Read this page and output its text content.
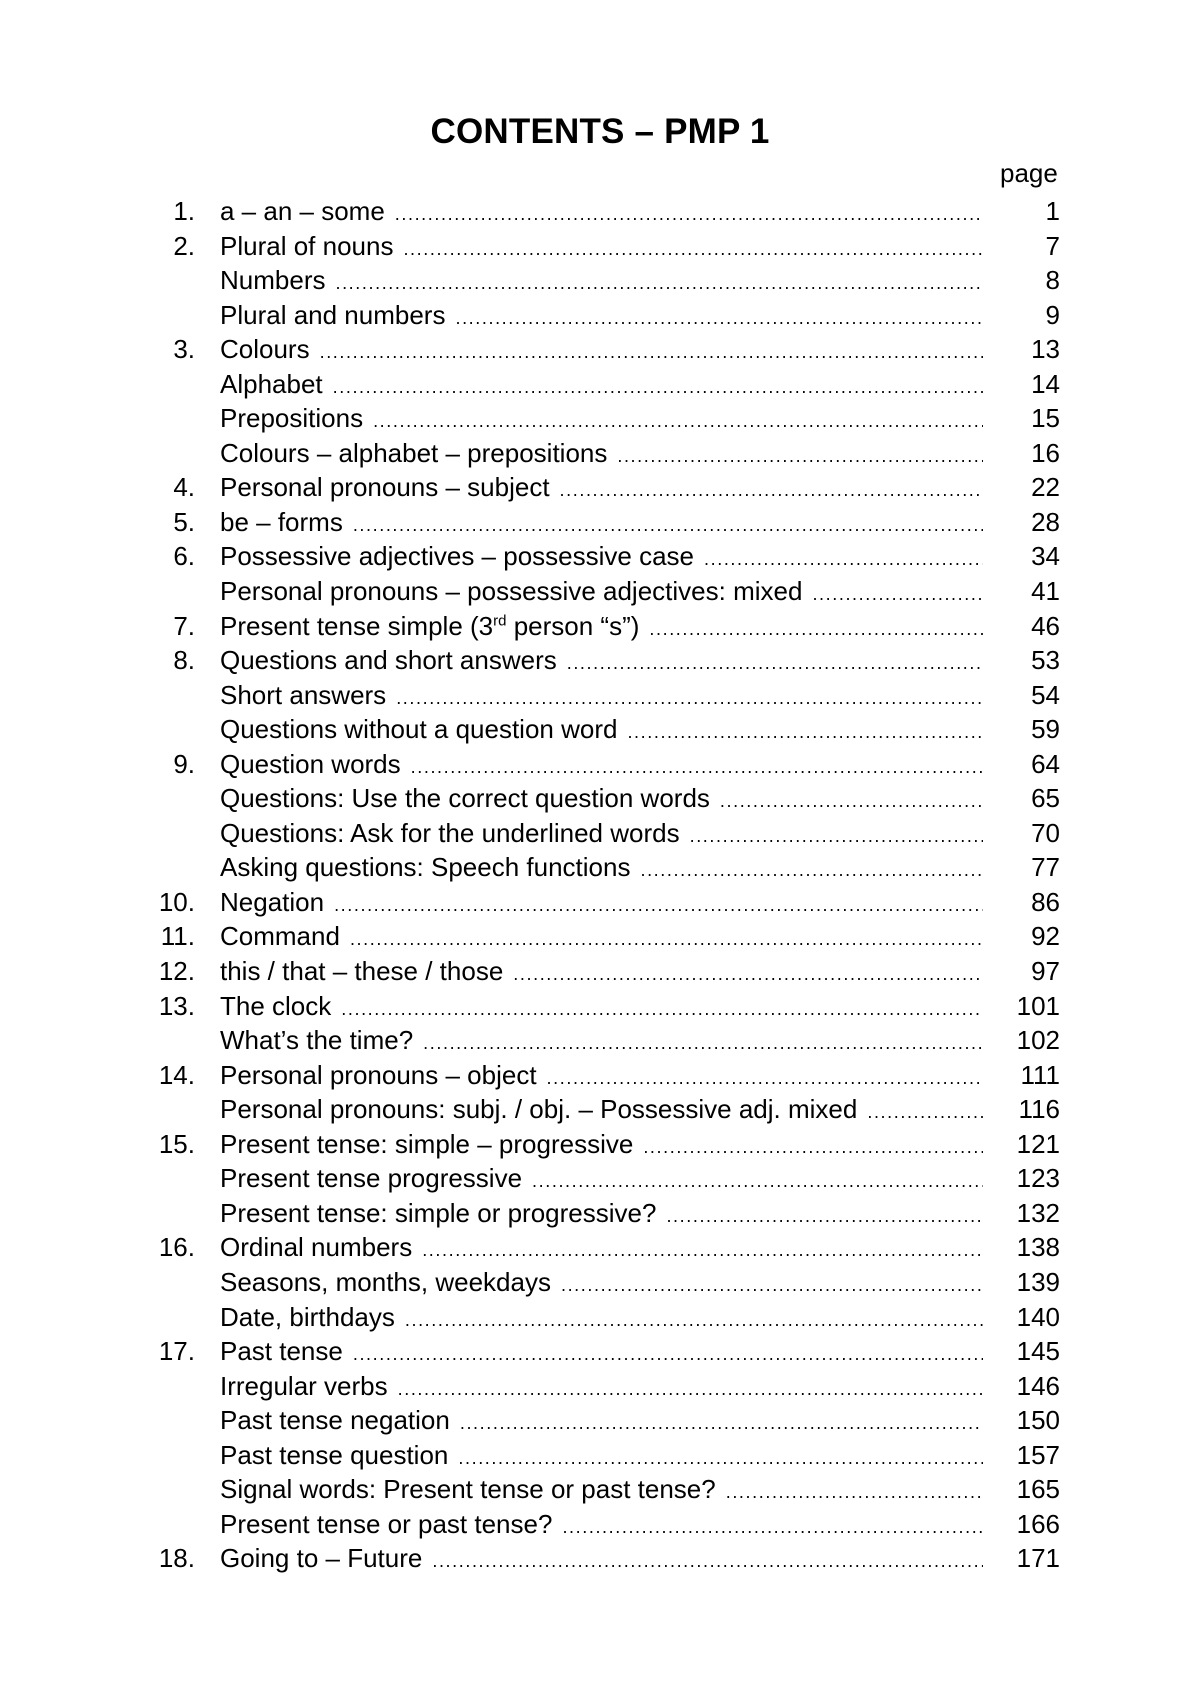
CONTENTS – PMP 1
page
1. a – an – some .....	1
2. Plural of nouns .....	7
Numbers .....	8
Plural and numbers .....	9
3. Colours .....	13
Alphabet .....	14
Prepositions .....	15
Colours – alphabet – prepositions .....	16
4. Personal pronouns – subject .....	22
5. be – forms .....	28
6. Possessive adjectives – possessive case .....	34
Personal pronouns – possessive adjectives: mixed .....	41
7. Present tense simple (3rd person “s”) .....	46
8. Questions and short answers .....	53
Short answers .....	54
Questions without a question word .....	59
9. Question words .....	64
Questions: Use the correct question words .....	65
Questions: Ask for the underlined words .....	70
Asking questions: Speech functions .....	77
10. Negation .....	86
11. Command .....	92
12. this / that – these / those .....	97
13. The clock .....	101
What’s the time? .....	102
14. Personal pronouns – object .....	111
Personal pronouns: subj. / obj. – Possessive adj. mixed .....	116
15. Present tense: simple – progressive .....	121
Present tense progressive .....	123
Present tense: simple or progressive? .....	132
16. Ordinal numbers .....	138
Seasons, months, weekdays .....	139
Date, birthdays .....	140
17. Past tense .....	145
Irregular verbs .....	146
Past tense negation .....	150
Past tense question .....	157
Signal words: Present tense or past tense? .....	165
Present tense or past tense? .....	166
18. Going to – Future .....	171
